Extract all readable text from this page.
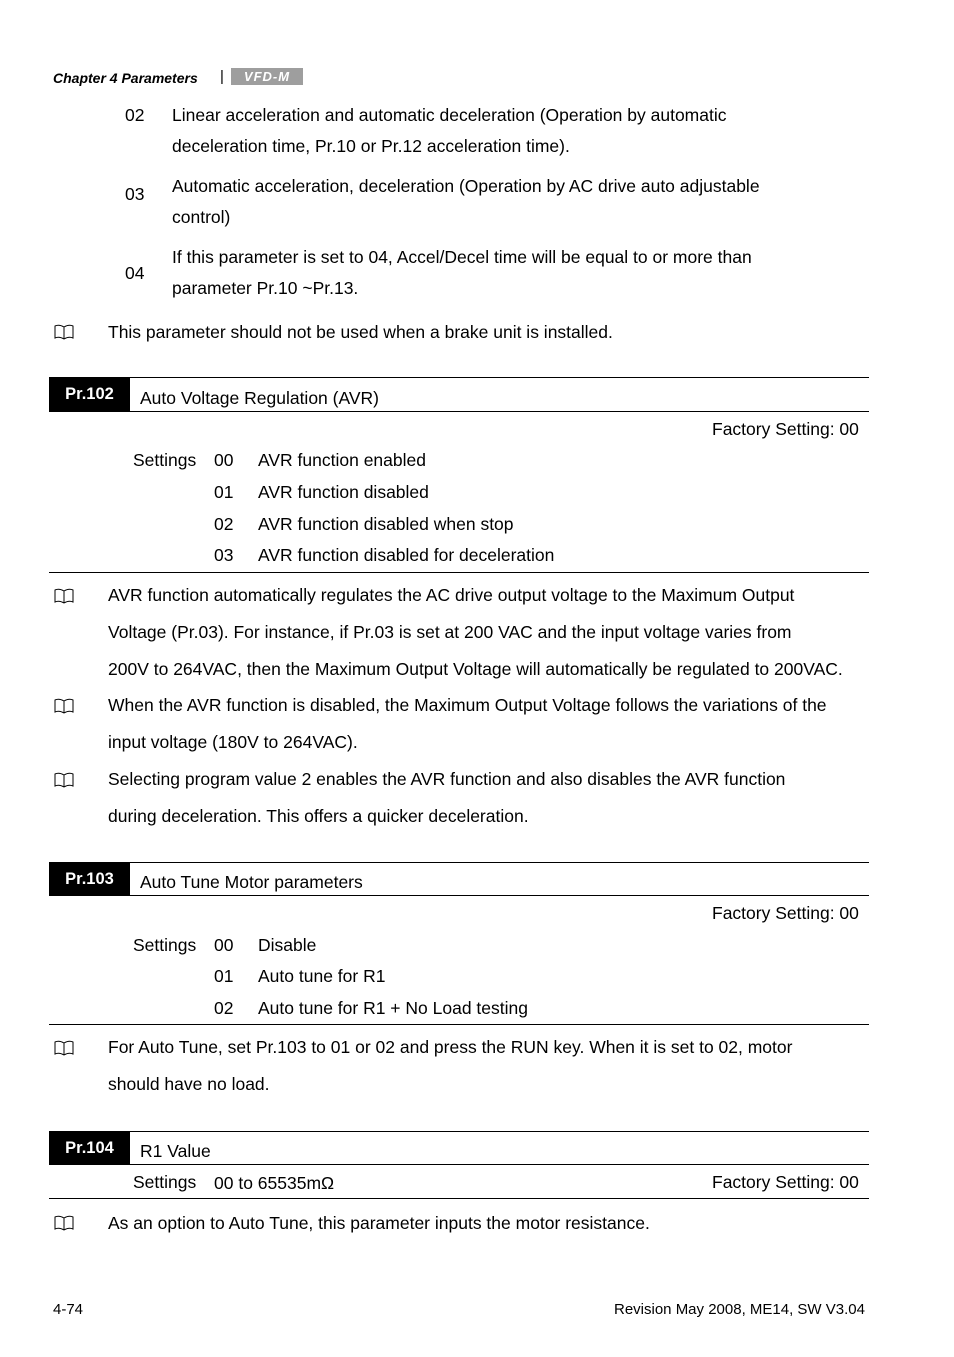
Chapter 4 Parameters |	VFD-M
02 Linear acceleration and automatic deceleration (Operation by automatic
deceleration time, Pr.10 or Pr.12 acceleration time).
03 Automatic acceleration, deceleration (Operation by AC drive auto adjustable
control)
04
If this parameter is set to 04, Accel/Decel time will be equal to or more than
parameter Pr.10 ~Pr.13.
This parameter should not be used when a brake unit is installed.
Pr.102	Auto Voltage Regulation (AVR)
Factory Setting: 00
Settings 00 AVR function enabled
01 AVR function disabled
02 AVR function disabled when stop
03 AVR function disabled for deceleration
AVR function automatically regulates the AC drive output voltage to the Maximum Output
Voltage (Pr.03). For instance, if Pr.03 is set at 200 VAC and the input voltage varies from
200V to 264VAC, then the Maximum Output Voltage will automatically be regulated to 200VAC.
When the AVR function is disabled, the Maximum Output Voltage follows the variations of the
input voltage (180V to 264VAC).
Selecting program value 2 enables the AVR function and also disables the AVR function
during deceleration. This offers a quicker deceleration.
Pr.103	Auto Tune Motor parameters
Factory Setting: 00
Settings 00 Disable
01 Auto tune for R1
02 Auto tune for R1 + No Load testing
For Auto Tune, set Pr.103 to 01 or 02 and press the RUN key. When it is set to 02, motor
should have no load.
Pr.104	R1 Value
Settings 00 to 65535mΩ	Factory Setting: 00
As an option to Auto Tune, this parameter inputs the motor resistance.
4-74	Revision May 2008, ME14, SW V3.04
